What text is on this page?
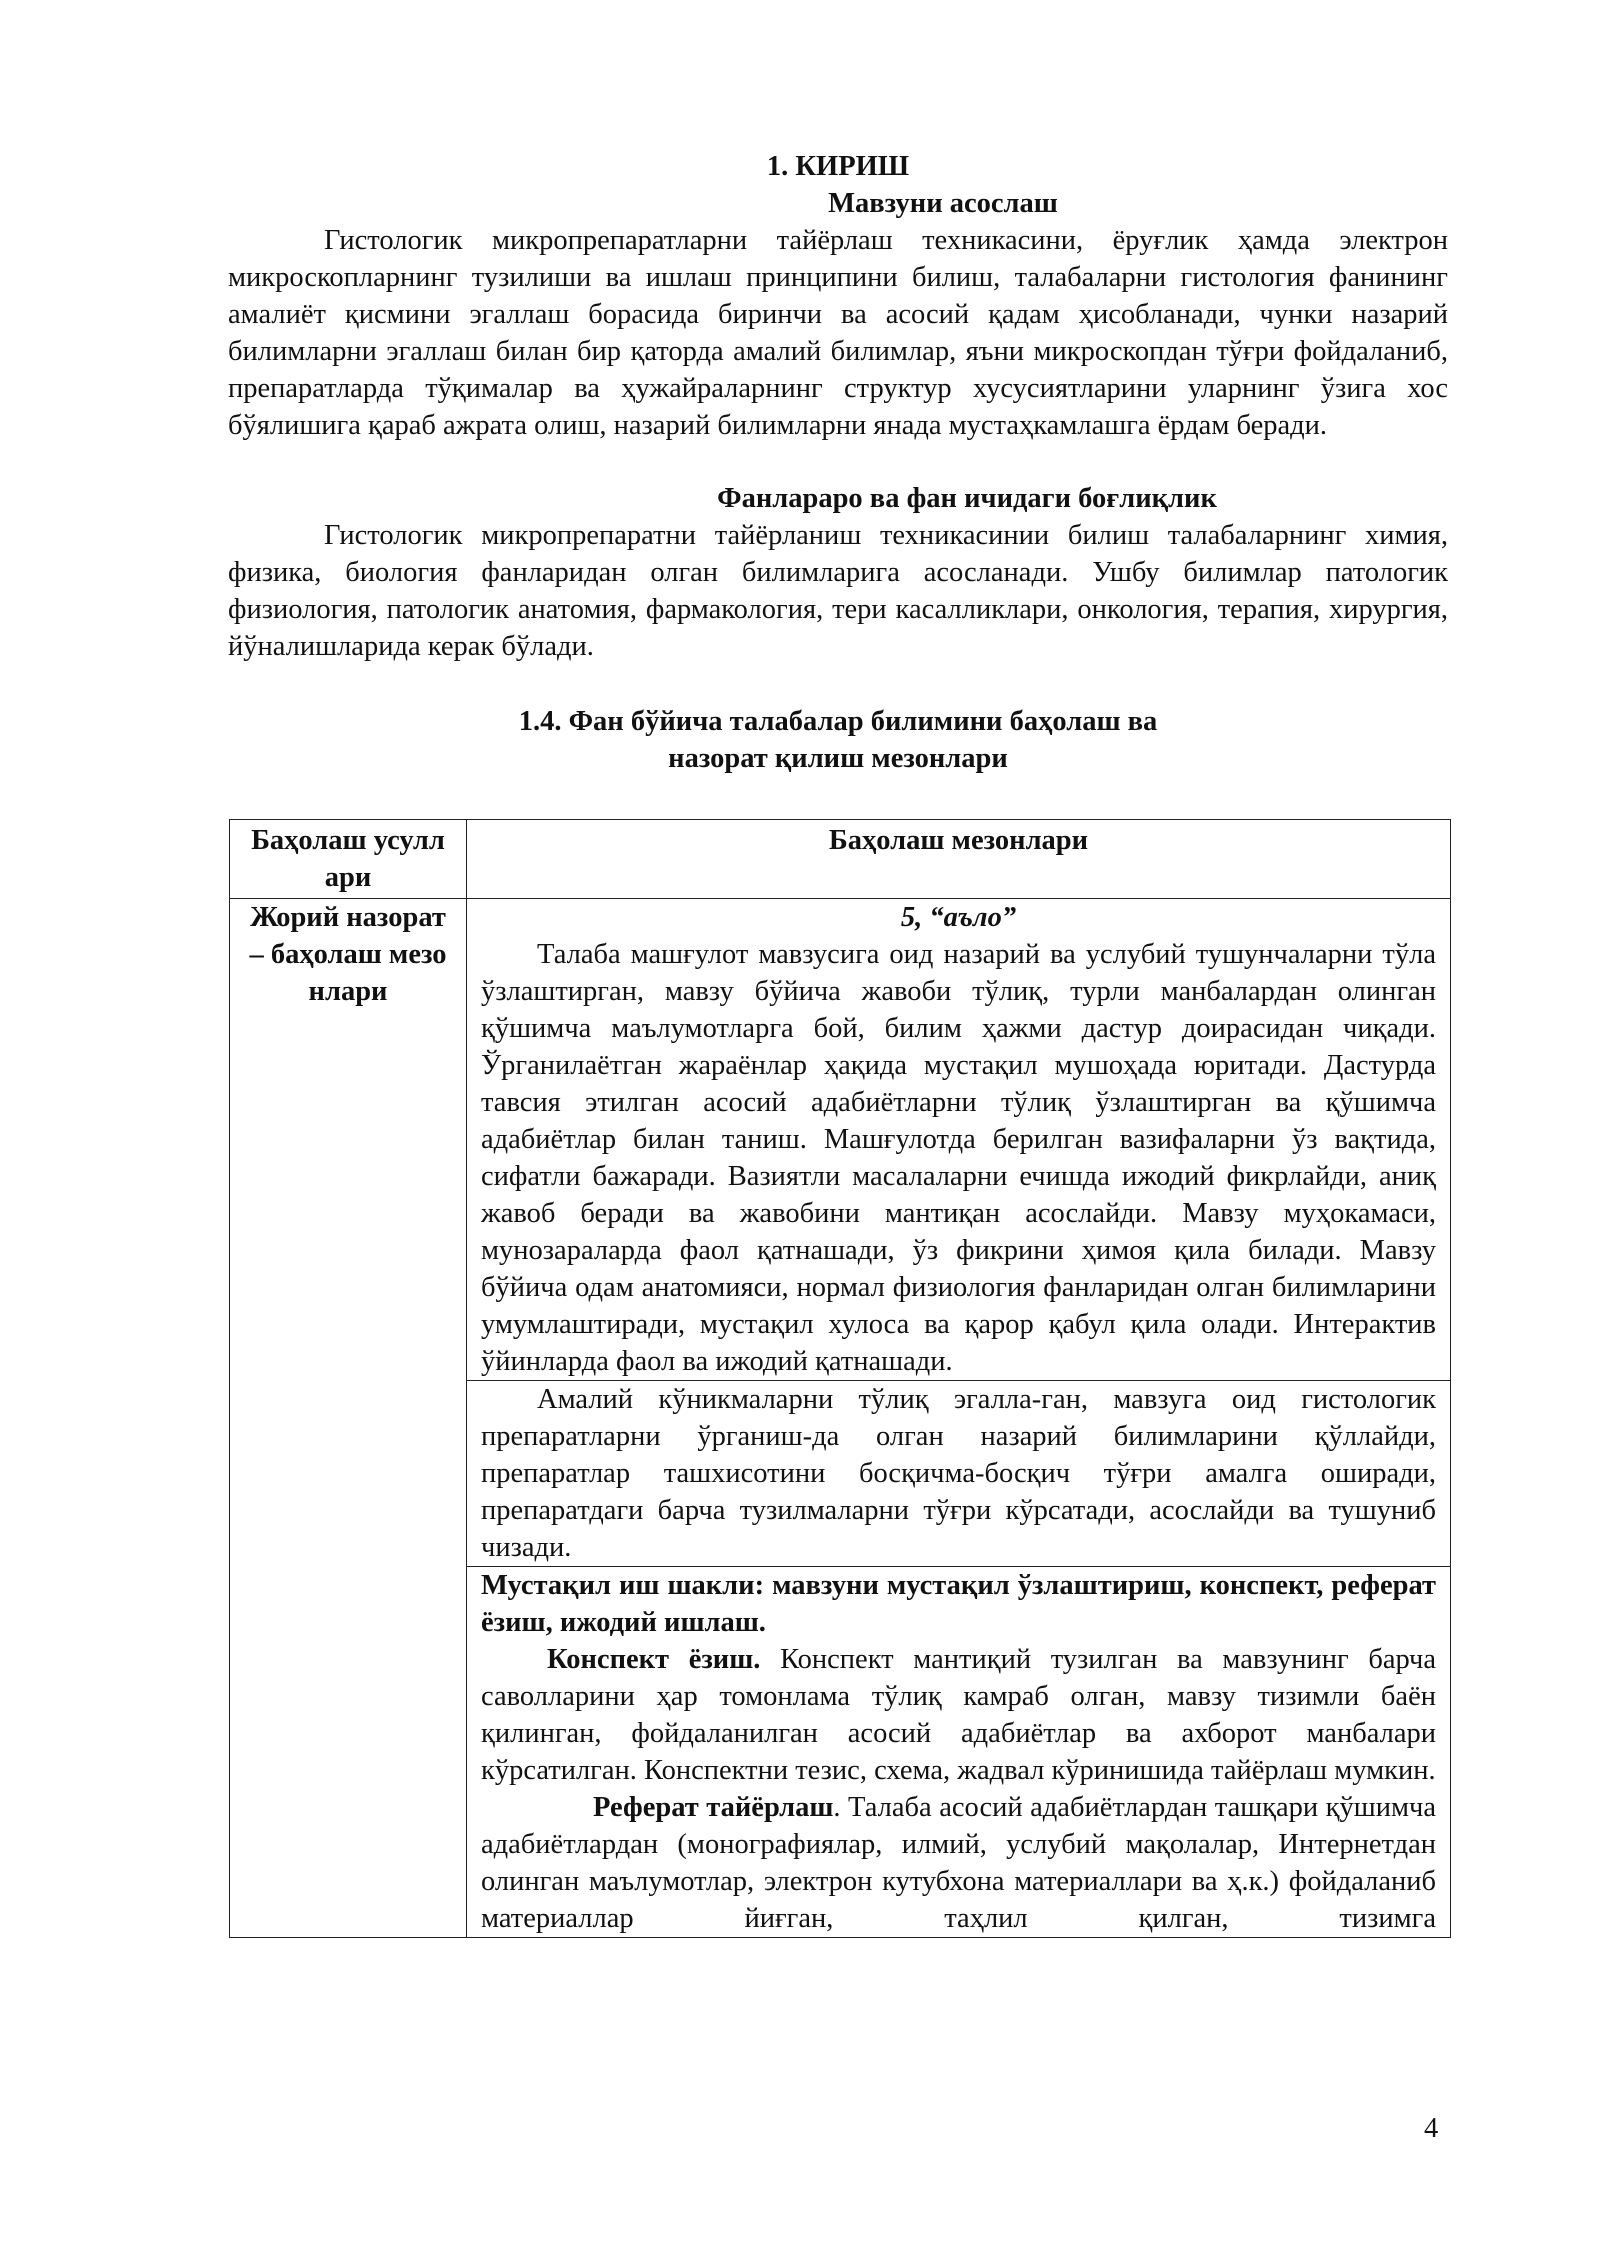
1. КИРИШ
Мавзуни асослаш

Гистологик микропрепаратларни тайёрлаш техникасини, ёруғлик ҳамда электрон микроскопларнинг тузилиши ва ишлаш принципини билиш, талабаларни гистология фанининг амалиёт қисмини эгаллаш борасида биринчи ва асосий қадам ҳисобланади, чунки назарий билимларни эгаллаш билан бир қаторда амалий билимлар, яъни микроскопдан тўғри фойдаланиб, препаратларда тўқималар ва ҳужайраларнинг структур хусусиятларини уларнинг ўзига хос бўялишига қараб ажрата олиш, назарий билимларни янада мустаҳкамлашга ёрдам беради.

Фанлараро ва фан ичидаги боғлиқлик

Гистологик микропрепаратни тайёрланиш техникасинии билиш талабаларнинг химия, физика, биология фанларидан олган билимларига асосланади. Ушбу билимлар патологик физиология, патологик анатомия, фармакология, тери касалликлари, онкология, терапия, хирургия, йўналишларида керак бўлади.

1.4. Фан бўйича талабалар билимини баҳолаш ва
назорат қилиш мезонлари
Баҳолаш усуллари	Баҳолаш мезонлари

Жорий назорат – баҳолаш мезонлари	5, “аъло”

Талаба машғулот мавзусига оид назарий ва услубий тушунчаларни тўла ўзлаштирган, мавзу бўйича жавоби тўлиқ, турли манбалардан олинган қўшимча маълумотларга бой, билим ҳажми дастур доирасидан чиқади. Ўрганилаётган жараёнлар ҳақида мустақил мушоҳада юритади. Дастурда тавсия этилган асосий адабиётларни тўлиқ ўзлаштирган ва қўшимча адабиётлар билан таниш. Машғулотда берилган вазифаларни ўз вақтида, сифатли бажаради. Вазиятли масалаларни ечишда ижодий фикрлайди, аниқ жавоб беради ва жавобини мантиқан асослайди. Мавзу муҳокамаси, мунозараларда фаол қатнашади, ўз фикрини ҳимоя қила билади. Мавзу бўйича одам анатомияси, нормал физиология фанларидан олган билимларини умумлаштиради, мустақил хулоса ва қарор қабул қила олади. Интерактив ўйинларда фаол ва ижодий қатнашади.

	Амалий кўникмаларни тўлиқ эгалла-ган, мавзуга оид гистологик препаратларни ўрганиш-да олган назарий билимларини қўллайди, препаратлар ташхисотини босқичма-босқич тўғри амалга оширади, препаратдаги барча тузилмаларни тўғри кўрсатади, асослайди ва тушуниб чизади.

	Мустақил иш шакли: мавзуни мустақил ўзлаштириш, конспект, реферат ёзиш, ижодий ишлаш.

Конспект ёзиш. Конспект мантиқий тузилган ва мавзунинг барча саволларини ҳар томонлама тўлиқ камраб олган, мавзу тизимли баён қилинган, фойдаланилган асосий адабиётлар ва ахборот манбалари кўрсатилган. Конспектни тезис, схема, жадвал кўринишида тайёрлаш мумкин.

Реферат тайёрлаш. Талаба асосий адабиётлардан ташқари қўшимча адабиётлардан (монографиялар, илмий, услубий мақолалар, Интернетдан олинган маълумотлар, электрон кутубхона материаллари ва ҳ.к.) фойдаланиб материаллар йиғган, таҳлил қилган, тизимга

4
